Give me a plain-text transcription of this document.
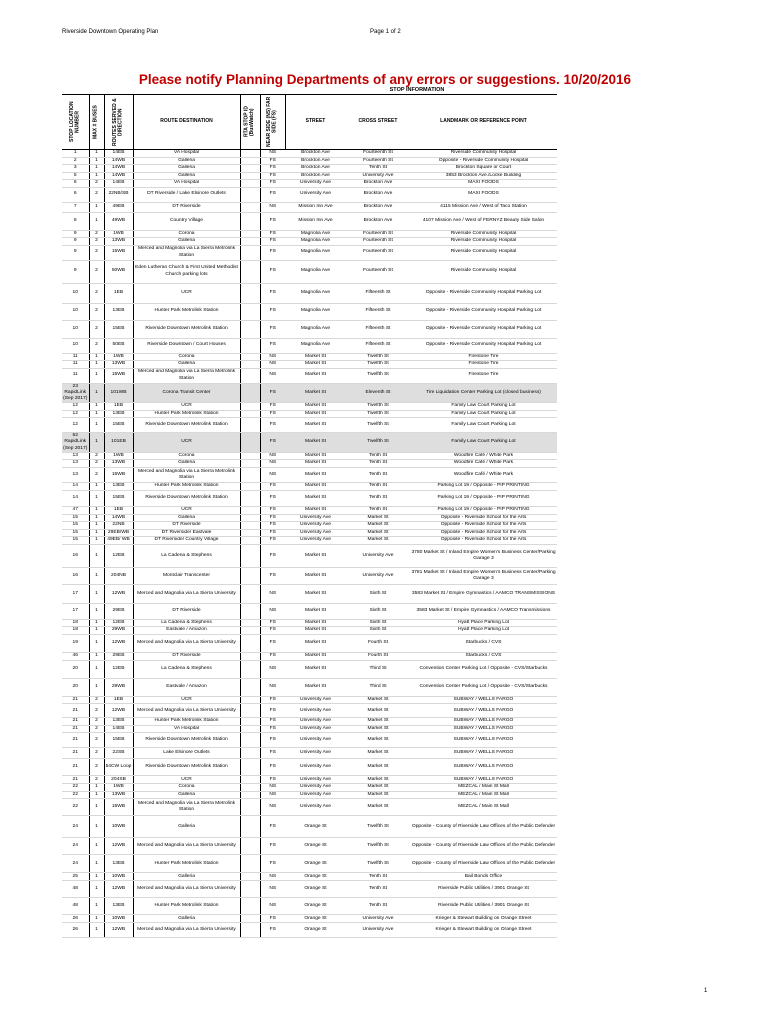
Riverside Downtown Operating Plan	Page 1 of 2
Please notify Planning Departments of any errors or suggestions. 10/20/2016
STOP INFORMATION
STOP LOCATION NUMBER	MAX # BUSES	ROUTES SERVED & DIRECTION	ROUTE DESTINATION	RTA STOP ID (BusWatch)	NEAR SIDE (NS) FAR SIDE (FS)	STREET	CROSS STREET	LANDMARK OR REFERENCE POINT
1	1	14EB	VA Hospital		NS	Brockton Ave	Fourteenth St	Riverside Community Hospital
2	1	14WB	Galleria		FS	Brockton Ave	Fourteenth St	Opposite - Riverside Community Hospital
3	1	14WB	Galleria		FS	Brockton Ave	Tenth St	Brockton Square or Court
5	1	14WB	Galleria		FS	Brockton Ave	University Ave	3853 Brockton Ave./Locke Building
6	2	14EB	VA Hospital		FS	University Ave	Brockton Ave	MAXI FOODS
6	2	22NB/SB	DT Riverside / Lake Elsinore Outlets		FS	University Ave	Brockton Ave	MAXI FOODS
7	1	49EB	DT Riverside		NS	Mission Inn Ave	Brockton Ave	4115 Mission Ave / West of Taco Station
8	1	49WB	Country Village		FS	Mission Inn Ave	Brockton Ave	4107 Mission Ave / West of FERNYZ Beauty Side Salon
9	2	1WB	Corona		FS	Magnolia Ave	Fourteenth St	Riverside Community Hospital
9	2	13WB	Galleria		FS	Magnolia Ave	Fourteenth St	Riverside Community Hospital
9	2	15WB	Merced and Magnolia via La Sierra Metrolink Station		FS	Magnolia Ave	Fourteenth St	Riverside Community Hospital
9	2	50WB	Eden Lutheran Church & First United Methodist Church parking lots		FS	Magnolia Ave	Fourteenth St	Riverside Community Hospital
10	2	1EB	UCR		FS	Magnolia Ave	Fifteenth St	Opposite - Riverside Community Hospital Parking Lot
10	2	13EB	Hunter Park Metrolink Station		FS	Magnolia Ave	Fifteenth St	Opposite - Riverside Community Hospital Parking Lot
10	2	15EB	Riverside Downtown Metrolink Station		FS	Magnolia Ave	Fifteenth St	Opposite - Riverside Community Hospital Parking Lot
10	2	50EB	Riverside Downtown / Court Houses		FS	Magnolia Ave	Fifteenth St	Opposite - Riverside Community Hospital Parking Lot
11	1	1WB	Corona		NS	Market St	Twelfth St	Firestone Tire
11	1	13WB	Galleria		NS	Market St	Twelfth St	Firestone Tire
11	1	15WB	Merced and Magnolia via La Sierra Metrolink Station		NS	Market St	Twelfth St	Firestone Tire
23 RapidLink (Sep 2017)	1	101WB	Corona Transit Center		FS	Market St	Eleventh St	Tire Liquidation Center Parking Lot (closed business)
12	1	1EB	UCR		FS	Market St	Twelfth St	Family Law Court Parking Lot
12	1	13EB	Hunter Park Metrolink Station		FS	Market St	Twelfth St	Family Law Court Parking Lot
12	1	15EB	Riverside Downtown Metrolink Station		FS	Market St	Twelfth St	Family Law Court Parking Lot
52 RapidLink (Sep 2017)	1	101EB	UCR		FS	Market St	Twelfth St	Family Law Court Parking Lot
13	2	1WB	Corona		NS	Market St	Tenth St	Woodfire Café / White Park
13	2	13WB	Galleria		NS	Market St	Tenth St	Woodfire Café / White Park
13	2	15WB	Merced and Magnolia via La Sierra Metrolink Station		NS	Market St	Tenth St	Woodfire Café / White Park
14	1	13EB	Hunter Park Metrolink Station		FS	Market St	Tenth St	Parking Lot 19 / Opposite - PIP PRINTING
14	1	15EB	Riverside Downtown Metrolink Station		FS	Market St	Tenth St	Parking Lot 19 / Opposite - PIP PRINTING
47	1	1EB	UCR		FS	Market St	Tenth St	Parking Lot 19 / Opposite - PIP PRINTING
15	1	14WB	Galleria		FS	University Ave	Market St	Opposite - Riverside School for the Arts
15	1	22NB	DT Riverside		FS	University Ave	Market St	Opposite - Riverside School for the Arts
15	1	29EB/WB	DT Riverside/ Eastvale		FS	University Ave	Market St	Opposite - Riverside School for the Arts
15	1	49EB/ WB	DT Riverside/ Country Village		FS	University Ave	Market St	Opposite - Riverside School for the Arts
16	1	12EB	La Cadena & Stephens		FS	Market St	University Ave	3780 Market St / Inland Empire Women's Business Center/Parking Garage 3
16	1	204NB	Montclair Transcenter		FS	Market St	University Ave	3781 Market St / Inland Empire Women's Business Center/Parking Garage 3
17	1	12WB	Merced and Magnolia via La Sierra University		NS	Market St	Sixth St	3583 Market St / Empire Gymnastics / AAMCO TRANSMISSIONS
17	1	29EB	DT Riverside		NS	Market St	Sixth St	3583 Market St / Empire Gymnastics / AAMCO Transmissions
18	1	12EB	La Cadena & Stephens		FS	Market St	Sixth St	Hyatt Place Parking Lot
18	1	29WB	Eastvale / Amazon		FS	Market St	Sixth St	Hyatt Place Parking Lot
19	1	12WB	Merced and Magnolia via La Sierra University		FS	Market St	Fourth St	Starbucks / CVS
46	1	29EB	DT Riverside		FS	Market St	Fourth St	Starbucks / CVS
20	1	12EB	La Cadena & Stephens		NS	Market St	Third St	Convention Center Parking Lot / Opposite - CVS/Starbucks
20	1	29WB	Eastvale / Amazon		NS	Market St	Third St	Convention Center Parking Lot / Opposite - CVS/Starbucks
21	2	1EB	UCR		FS	University Ave	Market St	SUBWAY / WELLS FARGO
21	2	12WB	Merced and Magnolia via La Sierra University		FS	University Ave	Market St	SUBWAY / WELLS FARGO
21	2	13EB	Hunter Park Metrolink Station		FS	University Ave	Market St	SUBWAY / WELLS FARGO
21	2	14EB	VA Hospital		FS	University Ave	Market St	SUBWAY / WELLS FARGO
21	2	15EB	Riverside Downtown Metrolink Station		FS	University Ave	Market St	SUBWAY / WELLS FARGO
21	2	22SB	Lake Elsinore Outlets		FS	University Ave	Market St	SUBWAY / WELLS FARGO
21	2	54CW Loop	Riverside Downtown Metrolink Station		FS	University Ave	Market St	SUBWAY / WELLS FARGO
21	2	204SB	UCR		FS	University Ave	Market St	SUBWAY / WELLS FARGO
22	1	1WB	Corona		NS	University Ave	Market St	MEZCAL / Main St Mall
22	1	13WB	Galleria		NS	University Ave	Market St	MEZCAL / Main St Mall
22	1	15WB	Merced and Magnolia via La Sierra Metrolink Station		NS	University Ave	Market St	MEZCAL / Main St Mall
24	1	10WB	Galleria		FS	Orange St	Twelfth St	Opposite - County of Riverside Law Offices of the Public Defender
24	1	12WB	Merced and Magnolia via La Sierra University		FS	Orange St	Twelfth St	Opposite - County of Riverside Law Offices of the Public Defender
24	1	13EB	Hunter Park Metrolink Station		FS	Orange St	Twelfth St	Opposite - County of Riverside Law Offices of the Public Defender
25	1	10WB	Galleria		NS	Orange St	Tenth St	Bail Bonds Office
48	1	12WB	Merced and Magnolia via La Sierra University		NS	Orange St	Tenth St	Riverside Public Utilities / 3901 Orange St
48	1	13EB	Hunter Park Metrolink Station		NS	Orange St	Tenth St	Riverside Public Utilities / 3901 Orange St
26	1	10WB	Galleria		FS	Orange St	University Ave	Krieger & Stewart Building on Orange Street
26	1	12WB	Merced and Magnolia via La Sierra University		FS	Orange St	University Ave	Krieger & Stewart Building on Orange Street
1
